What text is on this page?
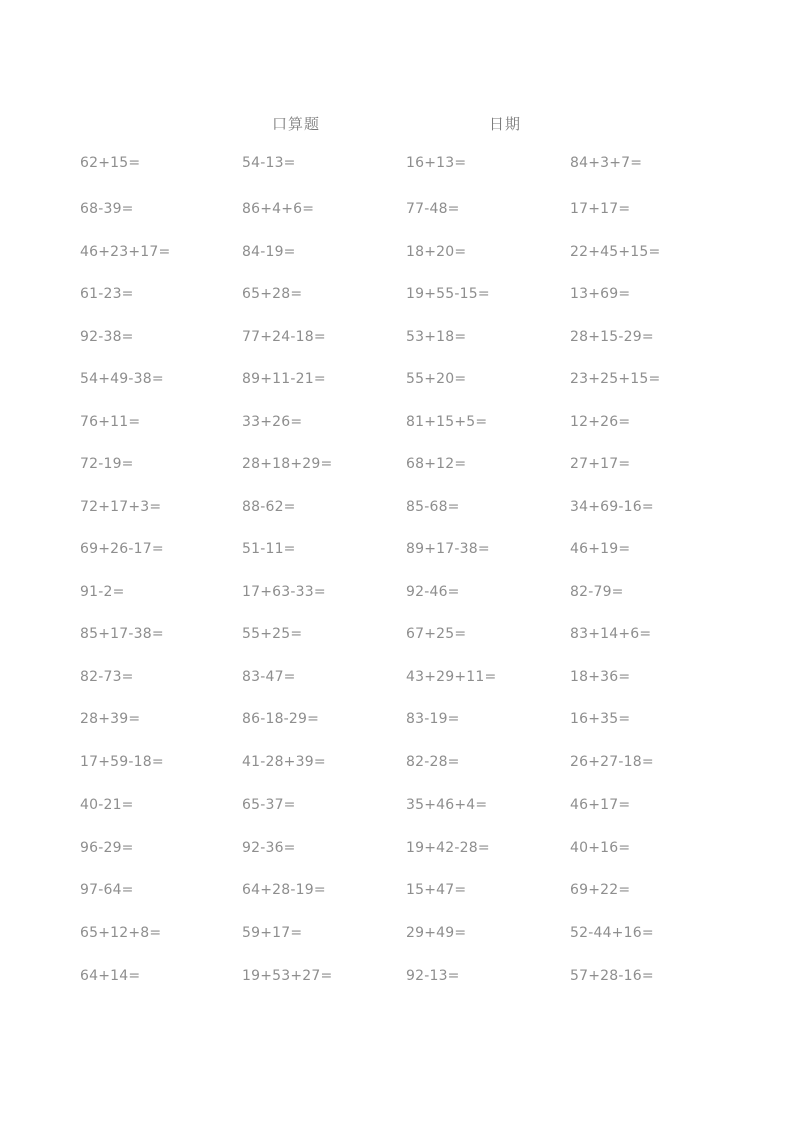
口算题	日期
62+15=	54-13=	16+13=	84+3+7=
68-39=	86+4+6=	77-48=	17+17=
46+23+17=	84-19=	18+20=	22+45+15=
61-23=	65+28=	19+55-15=	13+69=
92-38=	77+24-18=	53+18=	28+15-29=
54+49-38=	89+11-21=	55+20=	23+25+15=
76+11=	33+26=	81+15+5=	12+26=
72-19=	28+18+29=	68+12=	27+17=
72+17+3=	88-62=	85-68=	34+69-16=
69+26-17=	51-11=	89+17-38=	46+19=
91-2=	17+63-33=	92-46=	82-79=
85+17-38=	55+25=	67+25=	83+14+6=
82-73=	83-47=	43+29+11=	18+36=
28+39=	86-18-29=	83-19=	16+35=
17+59-18=	41-28+39=	82-28=	26+27-18=
40-21=	65-37=	35+46+4=	46+17=
96-29=	92-36=	19+42-28=	40+16=
97-64=	64+28-19=	15+47=	69+22=
65+12+8=	59+17=	29+49=	52-44+16=
64+14=	19+53+27=	92-13=	57+28-16=
